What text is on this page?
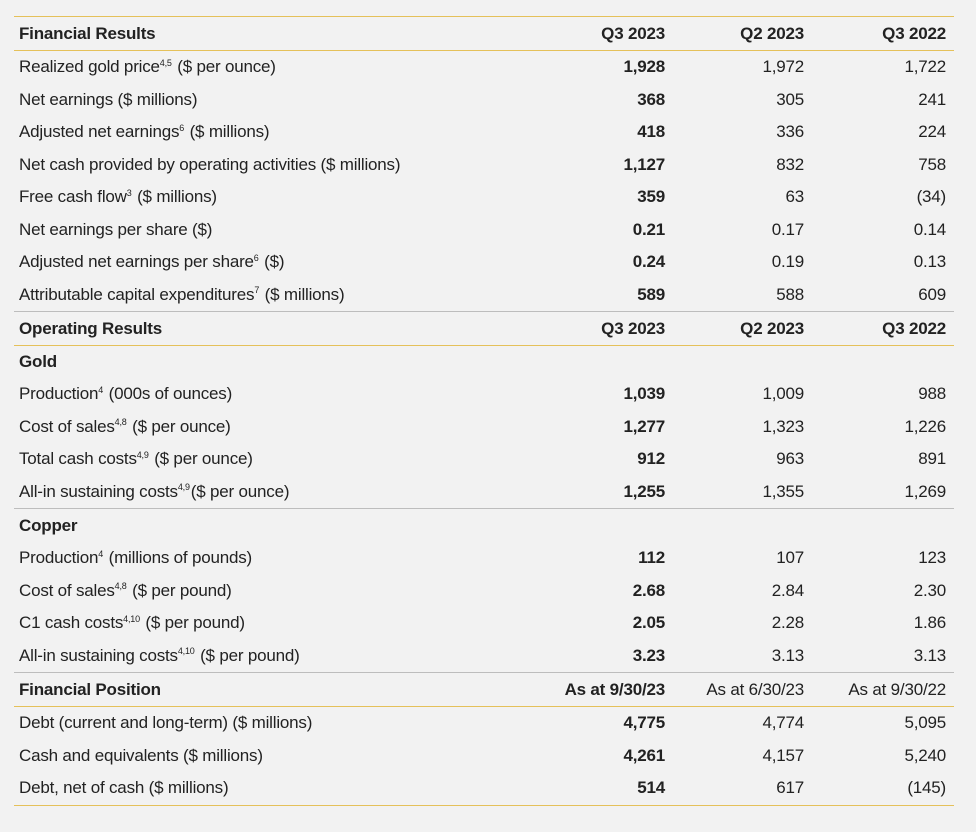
Financial Results	Q3 2023	Q2 2023	Q3 2022
Realized gold price$^{4,5}$ ($ per ounce)	1,928	1,972	1,722
Net earnings ($ millions)	368	305	241
Adjusted net earnings$^6$ ($ millions)	418	336	224
Net cash provided by operating activities ($ millions)	1,127	832	758
Free cash flow$^3$ ($ millions)	359	63	(34)
Net earnings per share ($)	0.21	0.17	0.14
Adjusted net earnings per share$^6$ ($)	0.24	0.19	0.13
Attributable capital expenditures$^7$ ($ millions)	589	588	609
Operating Results	Q3 2023	Q2 2023	Q3 2022
Gold
Production$^4$ (000s of ounces)	1,039	1,009	988
Cost of sales$^{4,8}$ ($ per ounce)	1,277	1,323	1,226
Total cash costs$^{4,9}$ ($ per ounce)	912	963	891
All-in sustaining costs$^{4,9}$($ per ounce)	1,255	1,355	1,269
Copper
Production$^4$ (millions of pounds)	112	107	123
Cost of sales$^{4,8}$ ($ per pound)	2.68	2.84	2.30
C1 cash costs$^{4,10}$ ($ per pound)	2.05	2.28	1.86
All-in sustaining costs$^{4,10}$ ($ per pound)	3.23	3.13	3.13
Financial Position	As at 9/30/23	As at 6/30/23	As at 9/30/22
Debt (current and long-term) ($ millions)	4,775	4,774	5,095
Cash and equivalents ($ millions)	4,261	4,157	5,240
Debt, net of cash ($ millions)	514	617	(145)
